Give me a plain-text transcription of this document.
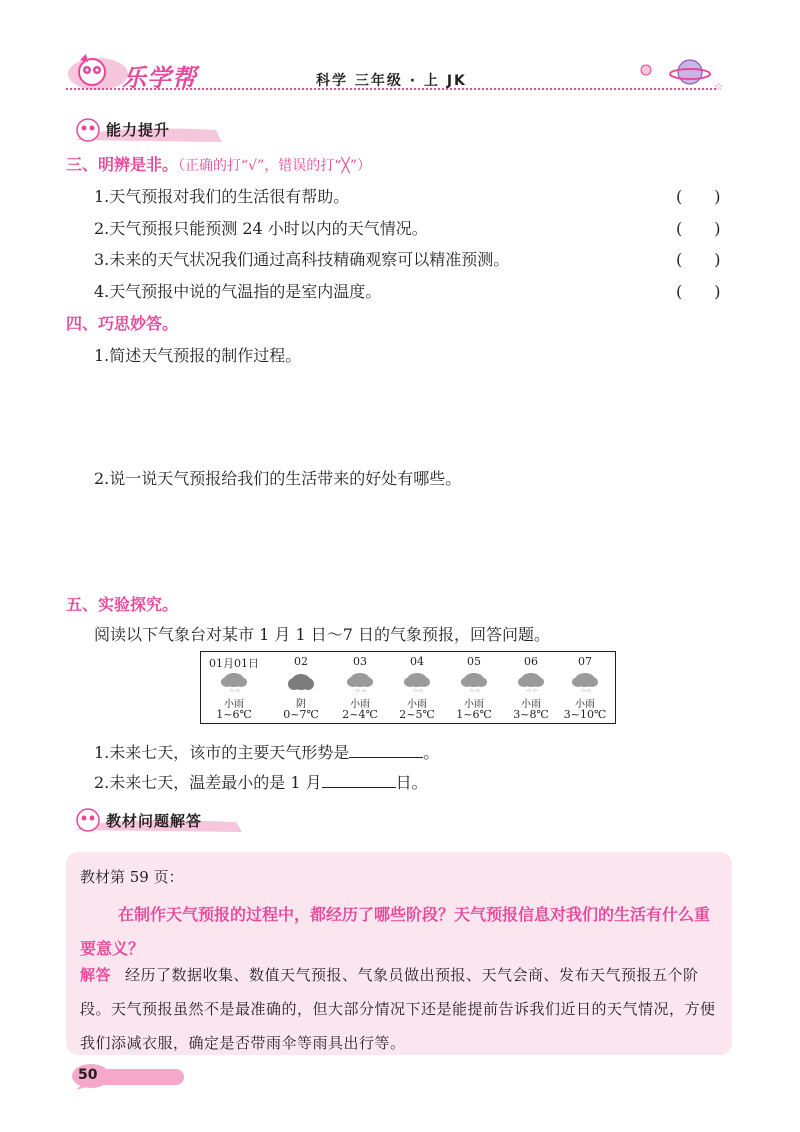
乐学帮	科学 三年级 · 上 JK	☆
能力提升
三、明辨是非。（正确的打“√”，错误的打“╳”）
1.天气预报对我们的生活很有帮助。	(　　)
2.天气预报只能预测 24 小时以内的天气情况。	(　　)
3.未来的天气状况我们通过高科技精确观察可以精准预测。	(　　)
4.天气预报中说的气温指的是室内温度。	(　　)
四、巧思妙答。
1.简述天气预报的制作过程。
2.说一说天气预报给我们的生活带来的好处有哪些。
五、实验探究。
阅读以下气象台对某市 1 月 1 日～7 日的气象预报，回答问题。
01月01日	02	03	04	05	06	07
⁘ ⁘	⁘ ⁘	⁘ ⁘	⁘ ⁘	⁘ ⁘	⁘ ⁘
小雨	阴	小雨	小雨	小雨	小雨	小雨
1~6℃	0~7℃	2~4℃	2~5℃	1~6℃	3~8℃	3~10℃
1.未来七天，该市的主要天气形势是	。
2.未来七天，温差最小的是 1 月	日。
教材问题解答
教材第 59 页：
在制作天气预报的过程中，都经历了哪些阶段？天气预报信息对我们的生活有什么重要意义？
解答 经历了数据收集、数值天气预报、气象员做出预报、天气会商、发布天气预报五个阶段。天气预报虽然不是最准确的，但大部分情况下还是能提前告诉我们近日的天气情况，方便我们添减衣服，确定是否带雨伞等雨具出行等。
50
